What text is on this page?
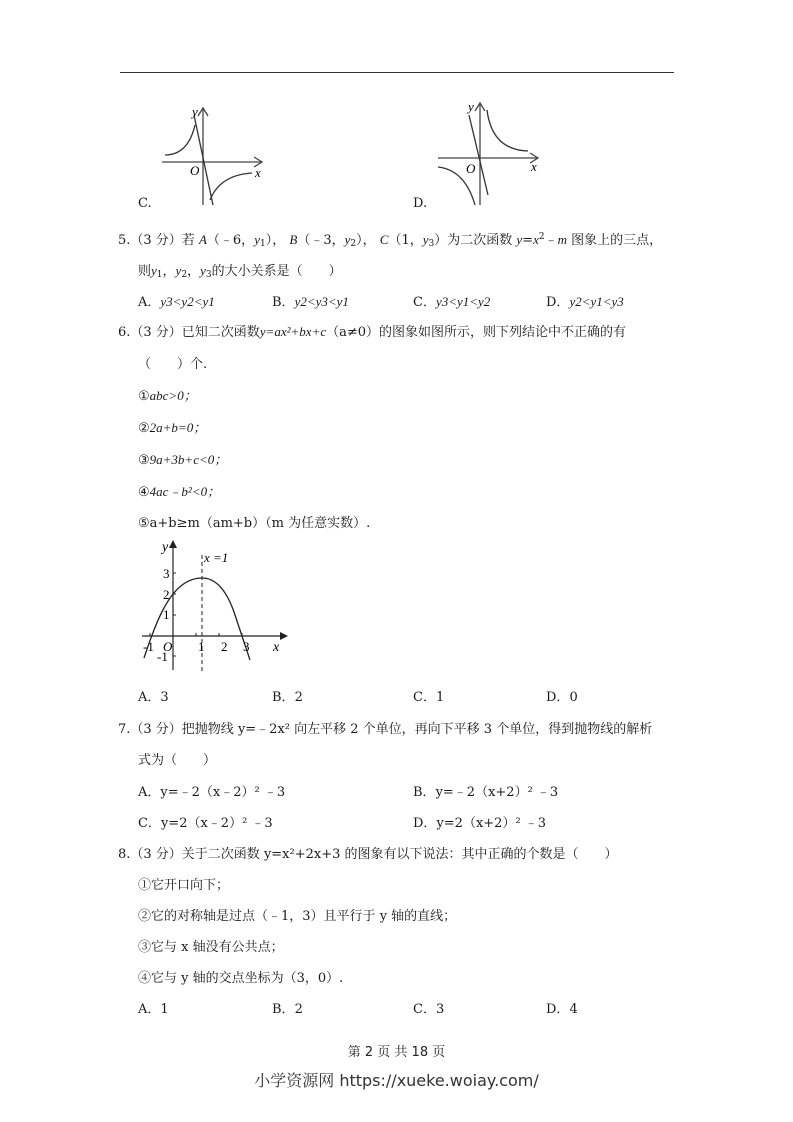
y
x
O
C.
y
x
O
D.
5.（3 分）若 A（﹣6，$y_1$）， B（﹣3，$y_2$）， C（1，$y_3$）为二次函数 $y=x^2﹣m$ 图象上的三点，
则$y_1$，$y_2$，$y_3$的大小关系是（　　）
A．y3<y2<y1	B．y2<y3<y1	C．y3<y1<y2	D．y2<y1<y3
6.（3 分）已知二次函数y=ax²+bx+c（a≠0）的图象如图所示，则下列结论中不正确的有
（　　）个.
①abc>0；
②2a+b=0；
③9a+3b+c<0；
④4ac﹣b²<0；
⑤a+b≥m（am+b）（m 为任意实数）.
y
x
O
x =1
-1	1 2 3
3
2
1
-1
A．3	B．2	C．1	D．0
7.（3 分）把抛物线 y=﹣2x² 向左平移 2 个单位，再向下平移 3 个单位，得到抛物线的解析
式为（　　）
A．y=﹣2（x﹣2）² ﹣3	B．y=﹣2（x+2）² ﹣3
C．y=2（x﹣2）² ﹣3	D．y=2（x+2）² ﹣3
8.（3 分）关于二次函数 y=x²+2x+3 的图象有以下说法：其中正确的个数是（　　）
①它开口向下；
②它的对称轴是过点（﹣1，3）且平行于 y 轴的直线；
③它与 x 轴没有公共点；
④它与 y 轴的交点坐标为（3，0）.
A．1	B．2	C．3	D．4
第 2 页 共 18 页
小学资源网 https://xueke.woiay.com/
